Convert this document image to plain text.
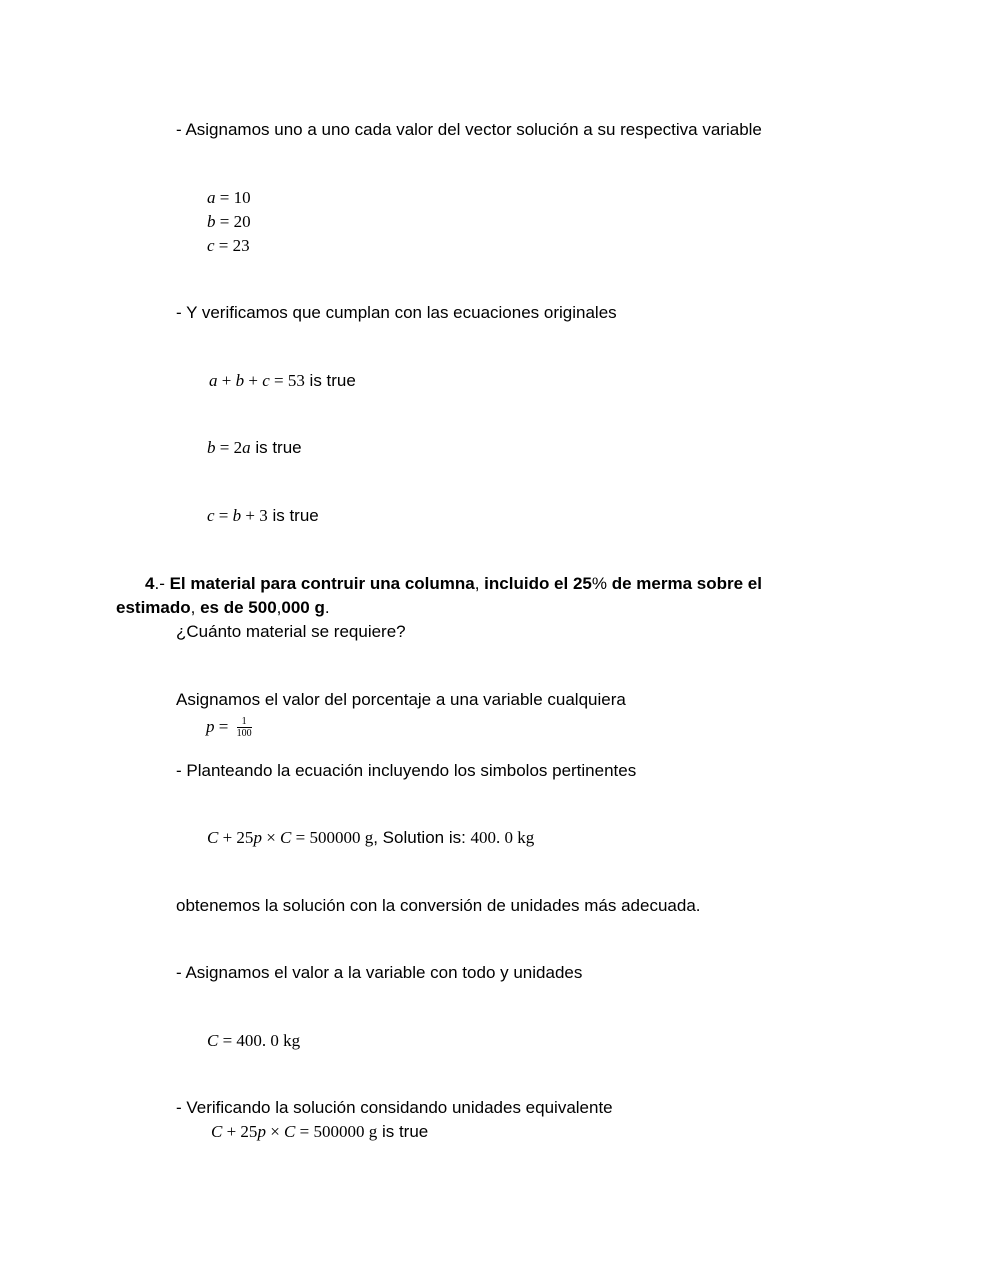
- Asignamos uno a uno cada valor del vector solución a su respectiva variable
a = 10
b = 20
c = 23
- Y verificamos que cumplan con las ecuaciones originales
a + b + c = 53 is true
b = 2a is true
c = b + 3 is true
4.- El material para contruir una columna, incluido el 25% de merma sobre el
estimado, es de 500,000 g.
¿Cuánto material se requiere?
Asignamos el valor del porcentaje a una variable cualquiera
$p = \frac{1}{100}$
- Planteando la ecuación incluyendo los simbolos pertinentes
C + 25p × C = 500000 g, Solution is: 400. 0 kg
obtenemos la solución con la conversión de unidades más adecuada.
- Asignamos el valor a la variable con todo y unidades
C = 400. 0 kg
- Verificando la solución considando unidades equivalente
C + 25p × C = 500000 g is true
